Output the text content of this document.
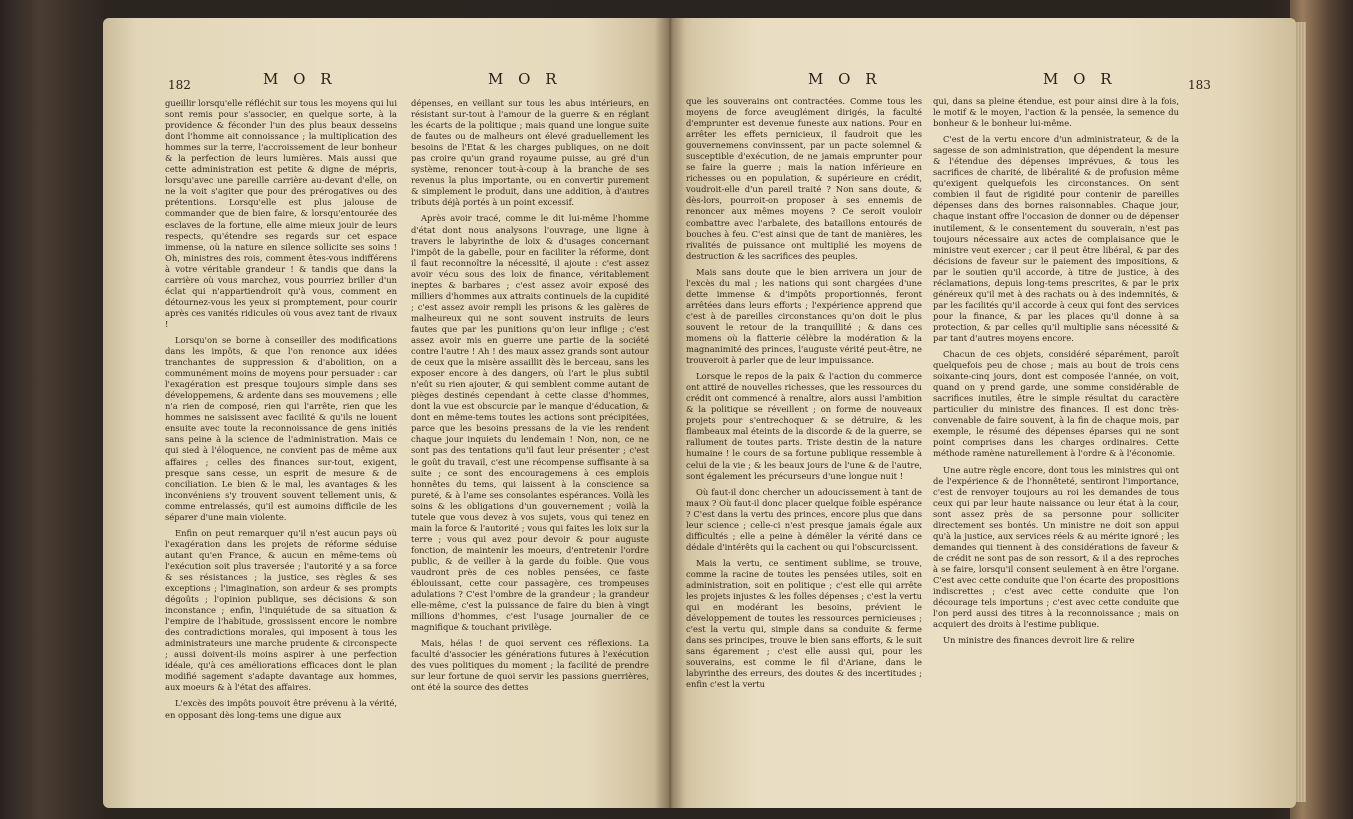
182	M O R	M O R

gueillir lorsqu'elle réfléchit sur tous les moyens qui lui sont remis pour s'associer, en quelque sorte, à la providence & féconder l'un des plus beaux desseins dont l'homme ait connoissance ; la multiplication des hommes sur la terre, l'accroissement de leur bonheur & la perfection de leurs lumières. Mais aussi que cette administration est petite & digne de mépris, lorsqu'avec une pareille carrière au-devant d'elle, on ne la voit s'agiter que pour des prérogatives ou des prétentions. Lorsqu'elle est plus jalouse de commander que de bien faire, & lorsqu'entourée des esclaves de la fortune, elle aime mieux jouir de leurs respects, qu'étendre ses regards sur cet espace immense, où la nature en silence sollicite ses soins ! Oh, ministres des rois, comment êtes-vous indifférens à votre véritable grandeur ! & tandis que dans la carrière où vous marchez, vous pourriez briller d'un éclat qui n'appartiendroit qu'à vous, comment en détournez-vous les yeux si promptement, pour courir après ces vanités ridicules où vous avez tant de rivaux !

Lorsqu'on se borne à conseiller des modifications dans les impôts, & que l'on renonce aux idées tranchantes de suppression & d'abolition, on a communément moins de moyens pour persuader : car l'exagération est presque toujours simple dans ses développemens, & ardente dans ses mouvemens ; elle n'a rien de composé, rien qui l'arrête, rien que les hommes ne saisissent avec facilité & qu'ils ne louent ensuite avec toute la reconnoissance de gens initiés sans peine à la science de l'administration. Mais ce qui sied à l'éloquence, ne convient pas de même aux affaires ; celles des finances sur-tout, exigent, presque sans cesse, un esprit de mesure & de conciliation. Le bien & le mal, les avantages & les inconvéniens s'y trouvent souvent tellement unis, & comme entrelassés, qu'il est aumoins difficile de les séparer d'une main violente.

Enfin on peut remarquer qu'il n'est aucun pays où l'exagération dans les projets de réforme séduise autant qu'en France, & aucun en même-tems où l'exécution soit plus traversée ; l'autorité y a sa force & ses résistances ; la justice, ses règles & ses exceptions ; l'imagination, son ardeur & ses prompts dégoûts ; l'opinion publique, ses décisions & son inconstance ; enfin, l'inquiétude de sa situation & l'empire de l'habitude, grossissent encore le nombre des contradictions morales, qui imposent à tous les administrateurs une marche prudente & circonspecte ; aussi doivent-ils moins aspirer à une perfection idéale, qu'à ces améliorations efficaces dont le plan modifié sagement s'adapte davantage aux hommes, aux moeurs & à l'état des affaires.

L'excès des impôts pouvoit être prévenu à la vérité, en opposant dès long-tems une digue aux

dépenses, en veillant sur tous les abus intérieurs, en résistant sur-tout à l'amour de la guerre & en réglant les écarts de la politique ; mais quand une longue suite de fautes ou de malheurs ont élevé graduellement les besoins de l'Etat & les charges publiques, on ne doit pas croire qu'un grand royaume puisse, au gré d'un système, renoncer tout-à-coup à la branche de ses revenus la plus importante, ou en convertir purement & simplement le produit, dans une addition, à d'autres tributs déjà portés à un point excessif.

Après avoir tracé, comme le dit lui-même l'homme d'état dont nous analysons l'ouvrage, une ligne à travers le labyrinthe de loix & d'usages concernant l'impôt de la gabelle, pour en faciliter la réforme, dont il faut reconnoître la nécessité, il ajoute : c'est assez avoir vécu sous des loix de finance, véritablement ineptes & barbares ; c'est assez avoir exposé des milliers d'hommes aux attraits continuels de la cupidité ; c'est assez avoir rempli les prisons & les galères de malheureux qui ne sont souvent instruits de leurs fautes que par les punitions qu'on leur inflige ; c'est assez avoir mis en guerre une partie de la société contre l'autre ! Ah ! des maux assez grands sont autour de ceux que la misère assaillit dès le berceau, sans les exposer encore à des dangers, où l'art le plus subtil n'eût su rien ajouter, & qui semblent comme autant de pièges destinés cependant à cette classe d'hommes, dont la vue est obscurcie par le manque d'éducation, & dont en même-tems toutes les actions sont précipitées, parce que les besoins pressans de la vie les rendent chaque jour inquiets du lendemain ! Non, non, ce ne sont pas des tentations qu'il faut leur présenter ; c'est le goût du travail, c'est une récompense suffisante à sa suite ; ce sont des encouragemens à ces emplois honnêtes du tems, qui laissent à la conscience sa pureté, & à l'ame ses consolantes espérances. Voilà les soins & les obligations d'un gouvernement ; voilà la tutele que vous devez à vos sujets, vous qui tenez en main la force & l'autorité ; vous qui faites les loix sur la terre ; vous qui avez pour devoir & pour auguste fonction, de maintenir les moeurs, d'entretenir l'ordre public, & de veiller à la garde du foible. Que vous vaudront près de ces nobles pensées, ce faste éblouissant, cette cour passagère, ces trompeuses adulations ? C'est l'ombre de la grandeur ; la grandeur elle-même, c'est la puissance de faire du bien à vingt millions d'hommes, c'est l'usage journalier de ce magnifique & touchant privilège.

Mais, hélas ! de quoi servent ces réflexions. La faculté d'associer les générations futures à l'exécution des vues politiques du moment ; la facilité de prendre sur leur fortune de quoi servir les passions guerrières, ont été la source des dettes

M O R	M O R	183

que les souverains ont contractées. Comme tous les moyens de force aveuglément dirigés, la faculté d'emprunter est devenue funeste aux nations. Pour en arrêter les effets pernicieux, il faudroit que les gouvernemens convinssent, par un pacte solemnel & susceptible d'exécution, de ne jamais emprunter pour se faire la guerre ; mais la nation inférieure en richesses ou en population, & supérieure en crédit, voudroit-elle d'un pareil traité ? Non sans doute, & dès-lors, pourroit-on proposer à ses ennemis de renoncer aux mêmes moyens ? Ce seroit vouloir combattre avec l'arbalete, des bataillons entourés de bouches à feu. C'est ainsi que de tant de manières, les rivalités de puissance ont multiplié les moyens de destruction & les sacrifices des peuples.

Mais sans doute que le bien arrivera un jour de l'excès du mal ; les nations qui sont chargées d'une dette immense & d'impôts proportionnés, feront arrêtées dans leurs efforts ; l'expérience apprend que c'est à de pareilles circonstances qu'on doit le plus souvent le retour de la tranquillité ; & dans ces momens où la flatterie célèbre la modération & la magnanimité des princes, l'auguste vérité peut-être, ne trouveroit à parler que de leur impuissance.

Lorsque le repos de la paix & l'action du commerce ont attiré de nouvelles richesses, que les ressources du crédit ont commencé à renaître, alors aussi l'ambition & la politique se réveillent ; on forme de nouveaux projets pour s'entrechoquer & se détruire, & les flambeaux mal éteints de la discorde & de la guerre, se rallument de toutes parts. Triste destin de la nature humaine ! le cours de sa fortune publique ressemble à celui de la vie ; & les beaux jours de l'une & de l'autre, sont également les précurseurs d'une longue nuit !

Où faut-il donc chercher un adoucissement à tant de maux ? Où faut-il donc placer quelque foible espérance ? C'est dans la vertu des princes, encore plus que dans leur science ; celle-ci n'est presque jamais égale aux difficultés ; elle a peine à démêler la vérité dans ce dédale d'intérêts qui la cachent ou qui l'obscurcissent.

Mais la vertu, ce sentiment sublime, se trouve, comme la racine de toutes les pensées utiles, soit en administration, soit en politique ; c'est elle qui arrête les projets injustes & les folles dépenses ; c'est la vertu qui en modérant les besoins, prévient le développement de toutes les ressources pernicieuses ; c'est la vertu qui, simple dans sa conduite & ferme dans ses principes, trouve le bien sans efforts, & le suit sans égarement ; c'est elle aussi qui, pour les souverains, est comme le fil d'Ariane, dans le labyrinthe des erreurs, des doutes & des incertitudes ; enfin c'est la vertu

qui, dans sa pleine étendue, est pour ainsi dire à la fois, le motif & le moyen, l'action & la pensée, la semence du bonheur & le bonheur lui-même.

C'est de la vertu encore d'un administrateur, & de la sagesse de son administration, que dépendent la mesure & l'étendue des dépenses imprévues, & tous les sacrifices de charité, de libéralité & de profusion même qu'exigent quelquefois les circonstances. On sent combien il faut de rigidité pour contenir de pareilles dépenses dans des bornes raisonnables. Chaque jour, chaque instant offre l'occasion de donner ou de dépenser inutilement, & le consentement du souverain, n'est pas toujours nécessaire aux actes de complaisance que le ministre veut exercer ; car il peut être libéral, & par des décisions de faveur sur le paiement des impositions, & par le soutien qu'il accorde, à titre de justice, à des réclamations, depuis long-tems prescrites, & par le prix généreux qu'il met à des rachats ou à des indemnités, & par les facilités qu'il accorde à ceux qui font des services pour la finance, & par les places qu'il donne à sa protection, & par celles qu'il multiplie sans nécessité & par tant d'autres moyens encore.

Chacun de ces objets, considéré séparément, paroît quelquefois peu de chose ; mais au bout de trois cens soixante-cinq jours, dont est composée l'année, on voit, quand on y prend garde, une somme considérable de sacrifices inutiles, être le simple résultat du caractère particulier du ministre des finances. Il est donc très-convenable de faire souvent, à la fin de chaque mois, par exemple, le résumé des dépenses éparses qui ne sont point comprises dans les charges ordinaires. Cette méthode ramène naturellement à l'ordre & à l'économie.

Une autre règle encore, dont tous les ministres qui ont de l'expérience & de l'honnêteté, sentiront l'importance, c'est de renvoyer toujours au roi les demandes de tous ceux qui par leur haute naissance ou leur état à la cour, sont assez près de sa personne pour solliciter directement ses bontés. Un ministre ne doit son appui qu'à la justice, aux services réels & au mérite ignoré ; les demandes qui tiennent à des considérations de faveur & de crédit ne sont pas de son ressort, & il a des reproches à se faire, lorsqu'il consent seulement à en être l'organe. C'est avec cette conduite que l'on écarte des propositions indiscrettes ; c'est avec cette conduite que l'on décourage tels importuns ; c'est avec cette conduite que l'on perd aussi des titres à la reconnoissance ; mais on acquiert des droits à l'estime publique.

Un ministre des finances devroit lire & relire
